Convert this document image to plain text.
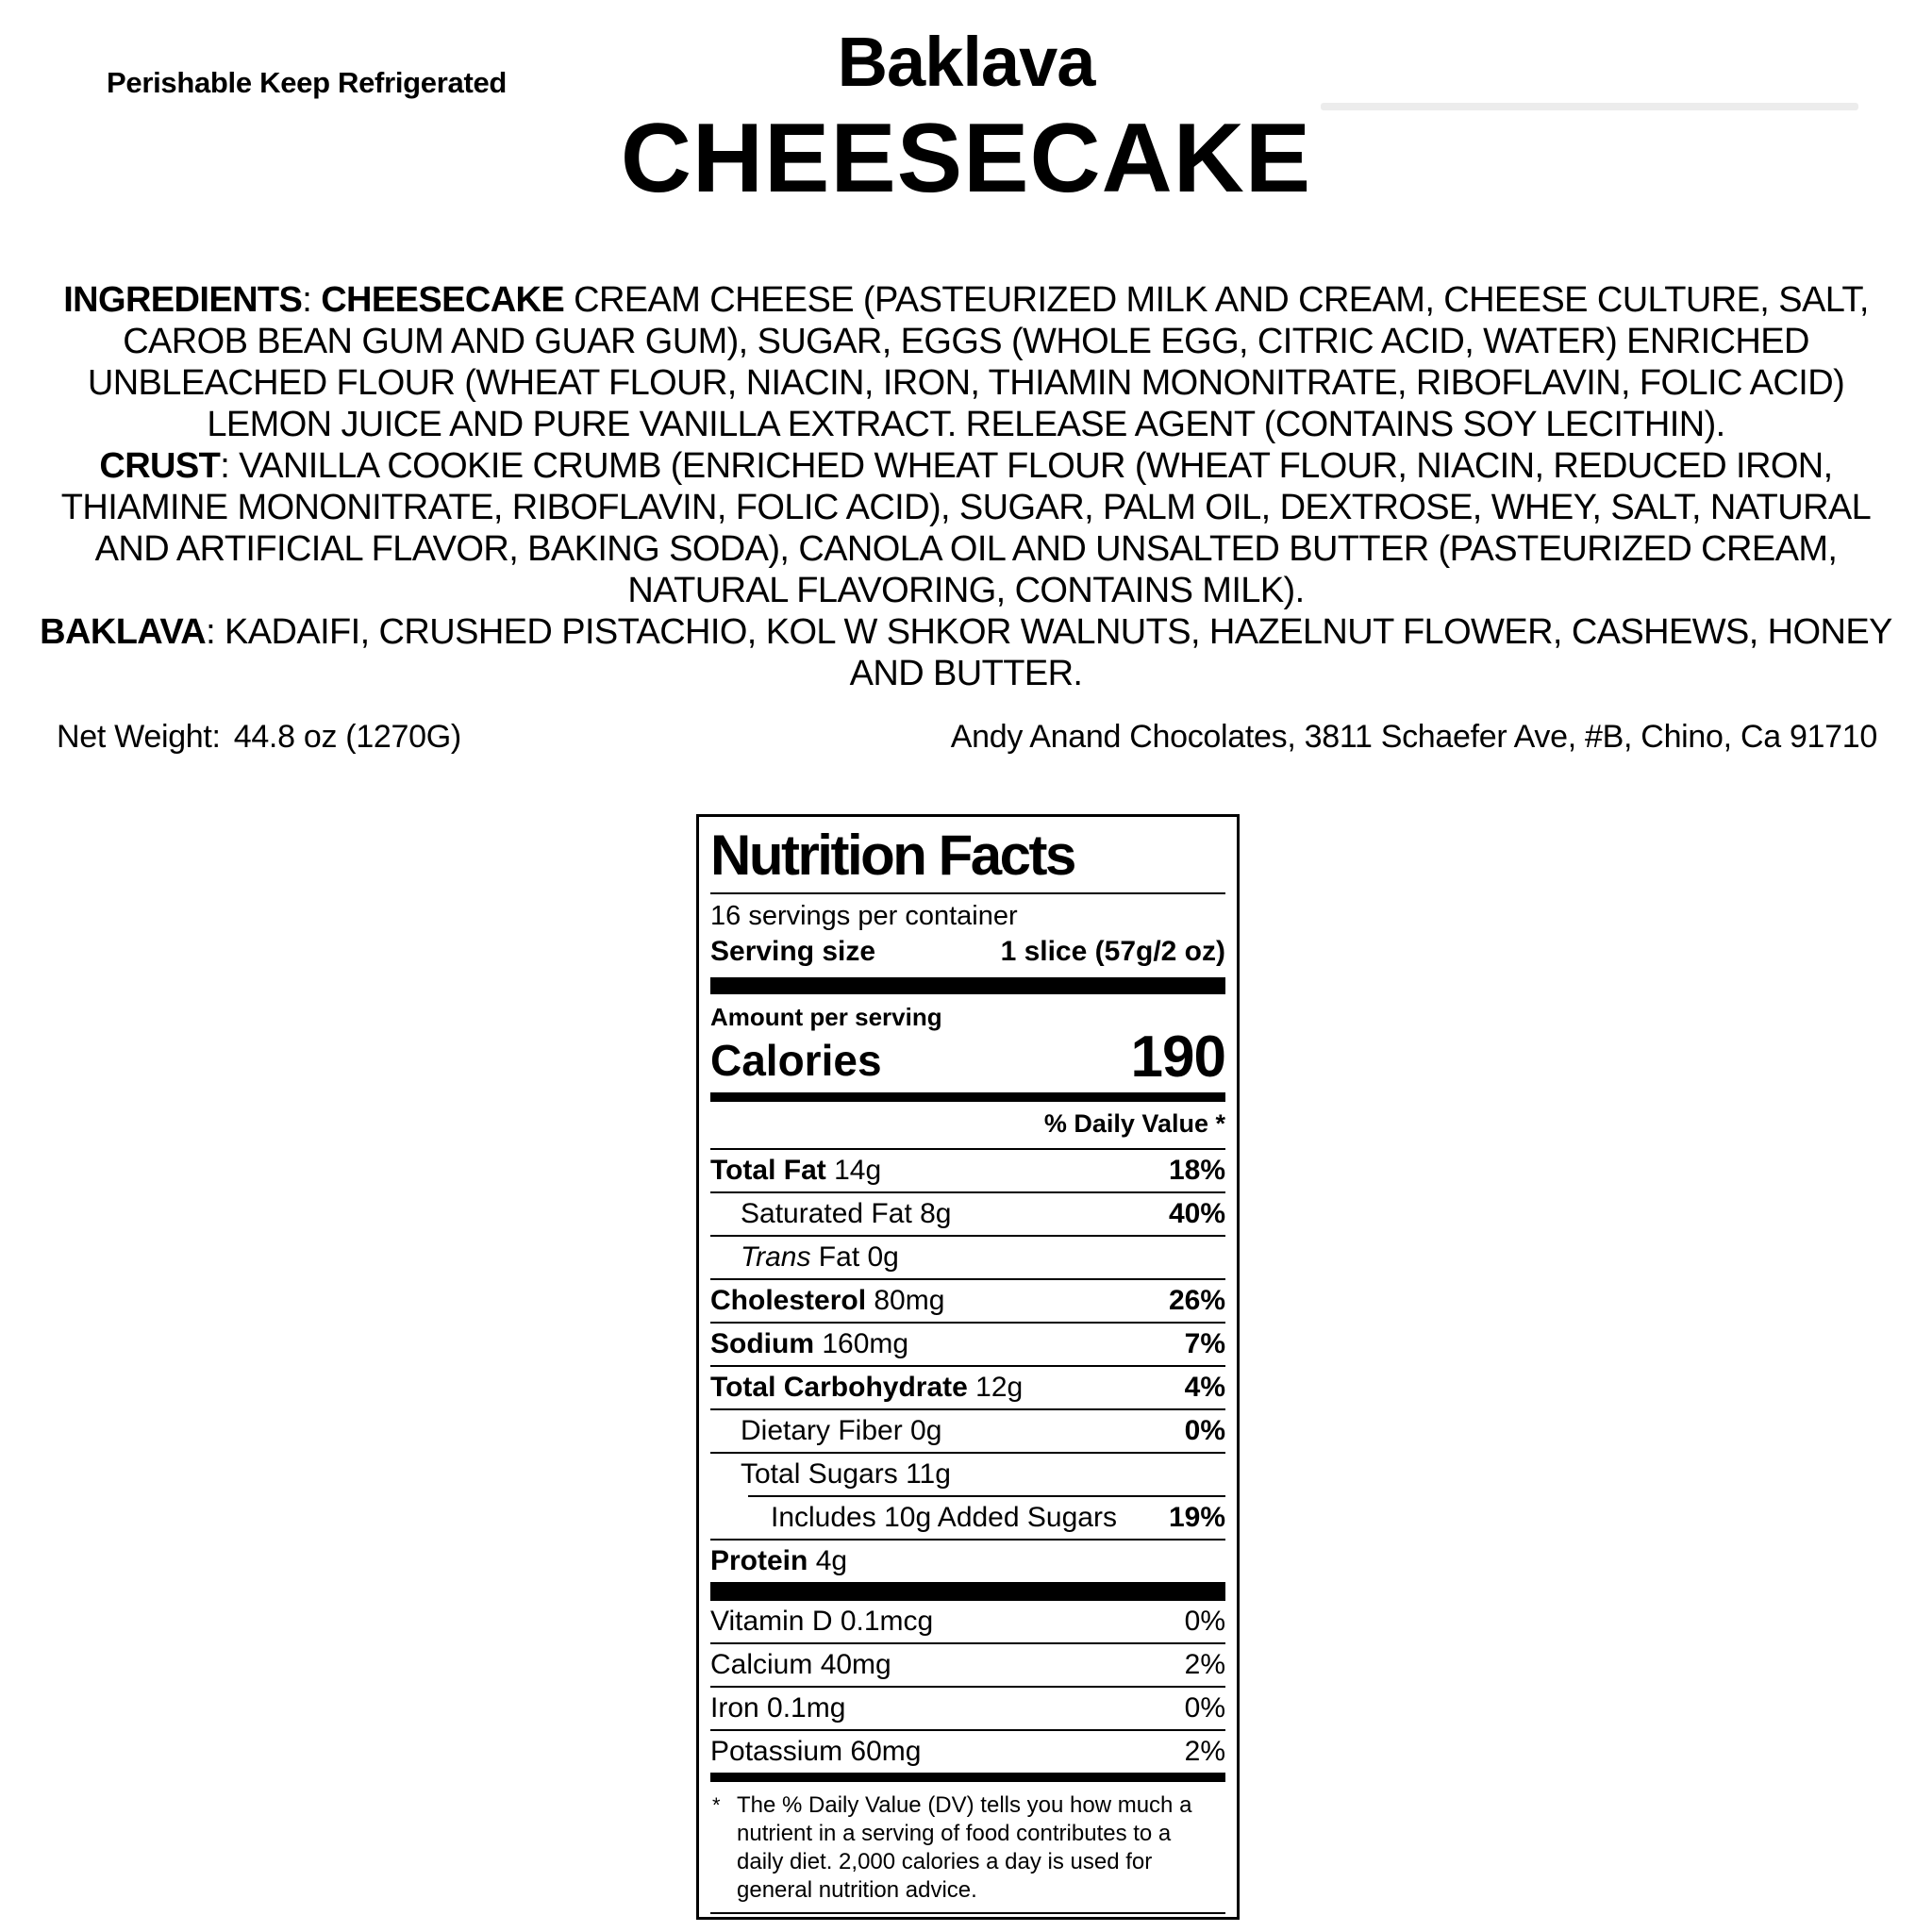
Perishable Keep Refrigerated	Baklava
CHEESECAKE
INGREDIENTS: CHEESECAKE CREAM CHEESE (PASTEURIZED MILK AND CREAM, CHEESE CULTURE, SALT,
CAROB BEAN GUM AND GUAR GUM), SUGAR, EGGS (WHOLE EGG, CITRIC ACID, WATER) ENRICHED
UNBLEACHED FLOUR (WHEAT FLOUR, NIACIN, IRON, THIAMIN MONONITRATE, RIBOFLAVIN, FOLIC ACID)
LEMON JUICE AND PURE VANILLA EXTRACT. RELEASE AGENT (CONTAINS SOY LECITHIN).
CRUST: VANILLA COOKIE CRUMB (ENRICHED WHEAT FLOUR (WHEAT FLOUR, NIACIN, REDUCED IRON,
THIAMINE MONONITRATE, RIBOFLAVIN, FOLIC ACID), SUGAR, PALM OIL, DEXTROSE, WHEY, SALT, NATURAL
AND ARTIFICIAL FLAVOR, BAKING SODA), CANOLA OIL AND UNSALTED BUTTER (PASTEURIZED CREAM,
NATURAL FLAVORING, CONTAINS MILK).
BAKLAVA: KADAIFI, CRUSHED PISTACHIO, KOL W SHKOR WALNUTS, HAZELNUT FLOWER, CASHEWS, HONEY
AND BUTTER.
Net Weight: 44.8 oz (1270G)	Andy Anand Chocolates, 3811 Schaefer Ave, #B, Chino, Ca 91710
Nutrition Facts
16 servings per container
Serving size	1 slice (57g/2 oz)
Amount per serving
Calories	190
% Daily Value *
Total Fat 14g	18%
Saturated Fat 8g	40%
Trans Fat 0g
Cholesterol 80mg	26%
Sodium 160mg	7%
Total Carbohydrate 12g	4%
Dietary Fiber 0g	0%
Total Sugars 11g
Includes 10g Added Sugars 19%
Protein 4g
Vitamin D 0.1mcg	0%
Calcium 40mg	2%
Iron 0.1mg	0%
Potassium 60mg	2%
* The % Daily Value (DV) tells you how much a nutrient in a serving of food contributes to a daily diet. 2,000 calories a day is used for general nutrition advice.
